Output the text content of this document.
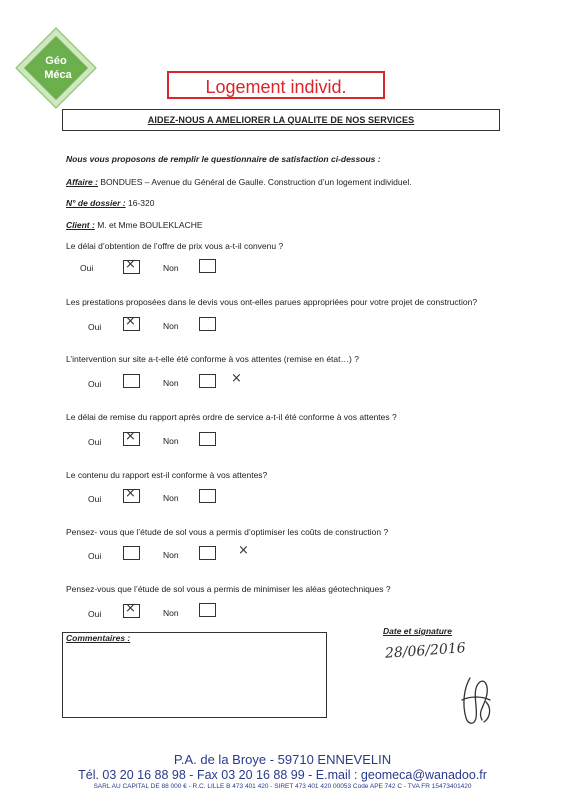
Géo
Méca
Logement individ.
AIDEZ-NOUS A AMELIORER LA QUALITE DE NOS SERVICES
Nous vous proposons de remplir le questionnaire de satisfaction ci-dessous :
Affaire : BONDUES – Avenue du Général de Gaulle. Construction d’un logement individuel.
N° de dossier : 16-320
Client : M. et Mme BOULEKLACHE
Le délai d’obtention de l’offre de prix vous a-t-il convenu ?
Oui ×	Non
Les prestations proposées dans le devis vous ont-elles parues appropriées pour votre projet de construction?
Oui ×	Non
L’intervention sur site a-t-elle été conforme à vos attentes (remise en état…) ?
Oui	Non	×
Le délai de remise du rapport après ordre de service a-t-il été conforme à vos attentes ?
Oui ×	Non
Le contenu du rapport est-il conforme à vos attentes?
Oui ×	Non
Pensez- vous que l’étude de sol vous a permis d’optimiser les coûts de construction ?
Oui	Non	×
Pensez-vous que l’étude de sol vous a permis de minimiser les aléas géotechniques ?
Oui ×	Non
Commentaires :
Date et signature
28/06/2016
P.A. de la Broye - 59710 ENNEVELIN
Tél. 03 20 16 88 98 - Fax 03 20 16 88 99 - E.mail : geomeca@wanadoo.fr
SARL AU CAPITAL DE 88 000 € - R.C. LILLE B 473 401 420 - SIRET 473 401 420 00053 Code APE 742 C - TVA FR 15473401420
